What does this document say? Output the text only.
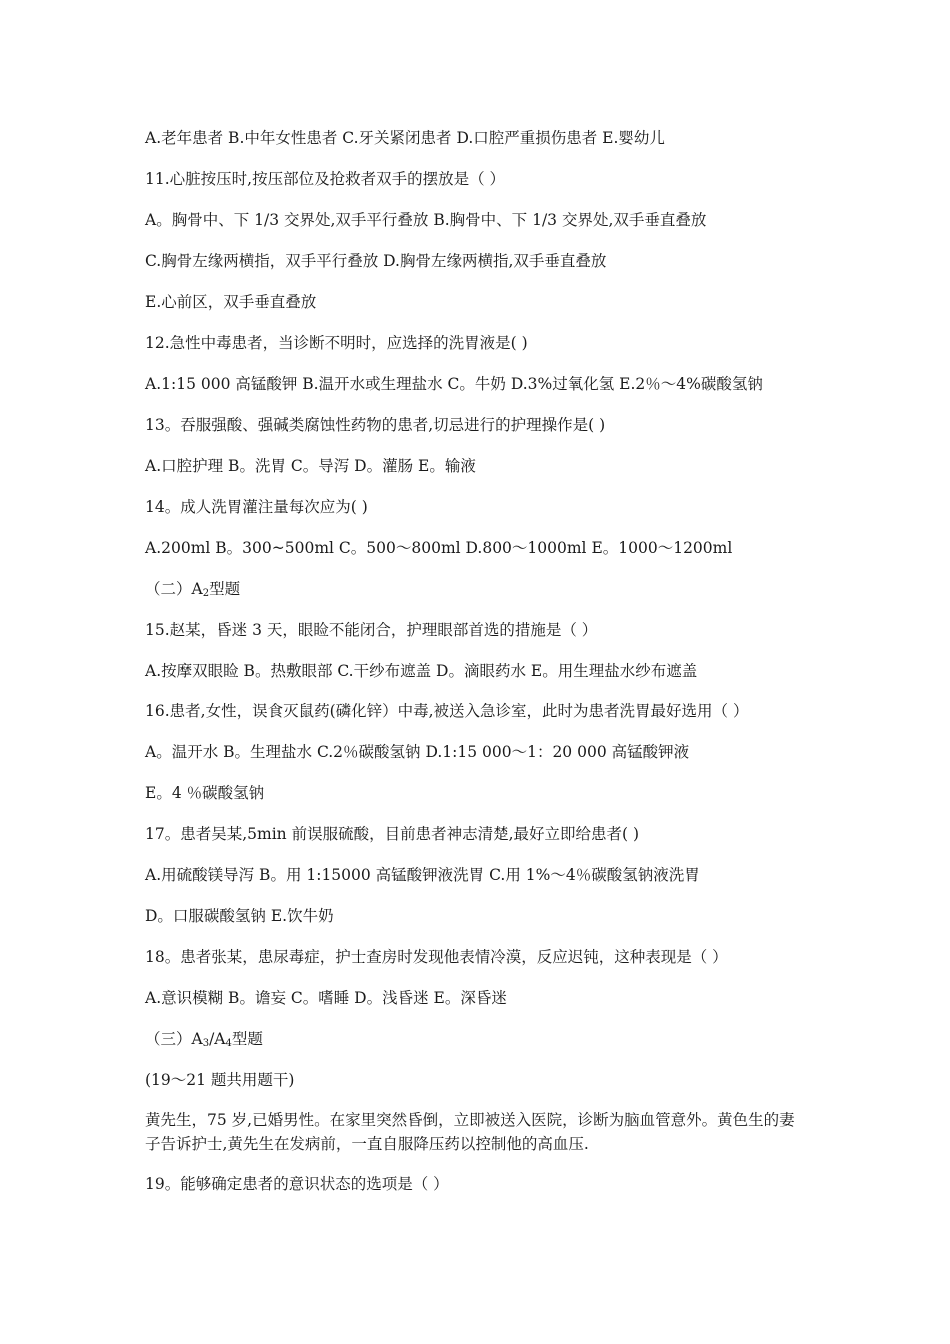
A.老年患者 B.中年女性患者 C.牙关紧闭患者 D.口腔严重损伤患者 E.婴幼儿
11.心脏按压时,按压部位及抢救者双手的摆放是（ ）
A。胸骨中、下 1/3 交界处,双手平行叠放 B.胸骨中、下 1/3 交界处,双手垂直叠放
C.胸骨左缘两横指，双手平行叠放 D.胸骨左缘两横指,双手垂直叠放
E.心前区，双手垂直叠放
12.急性中毒患者，当诊断不明时，应选择的洗胃液是( )
A.1:15 000 高锰酸钾 B.温开水或生理盐水 C。牛奶 D.3%过氧化氢 E.2％～4%碳酸氢钠
13。吞服强酸、强碱类腐蚀性药物的患者,切忌进行的护理操作是( )
A.口腔护理 B。洗胃 C。导泻 D。灌肠 E。输液
14。成人洗胃灌注量每次应为( )
A.200ml B。300~500ml C。500～800ml D.800～1000ml E。1000～1200ml
（二）$A_2$型题
15.赵某，昏迷 3 天，眼睑不能闭合，护理眼部首选的措施是（ ）
A.按摩双眼睑 B。热敷眼部 C.干纱布遮盖 D。滴眼药水 E。用生理盐水纱布遮盖
16.患者,女性，误食灭鼠药(磷化锌）中毒,被送入急诊室，此时为患者洗胃最好选用（ ）
A。温开水 B。生理盐水 C.2％碳酸氢钠 D.1:15 000～1：20 000 高锰酸钾液
E。4 ％碳酸氢钠
17。患者吴某,5min 前误服硫酸，目前患者神志清楚,最好立即给患者( )
A.用硫酸镁导泻 B。用 1:15000 高锰酸钾液洗胃 C.用 1%～4％碳酸氢钠液洗胃
D。口服碳酸氢钠 E.饮牛奶
18。患者张某，患尿毒症，护士查房时发现他表情冷漠，反应迟钝，这种表现是（ ）
A.意识模糊 B。谵妄 C。嗜睡 D。浅昏迷 E。深昏迷
（三）$A_3/A_4$型题
(19～21 题共用题干)
黄先生，75 岁,已婚男性。在家里突然昏倒，立即被送入医院，诊断为脑血管意外。黄色生的妻子告诉护士,黄先生在发病前，一直自服降压药以控制他的高血压.
19。能够确定患者的意识状态的选项是（ ）
